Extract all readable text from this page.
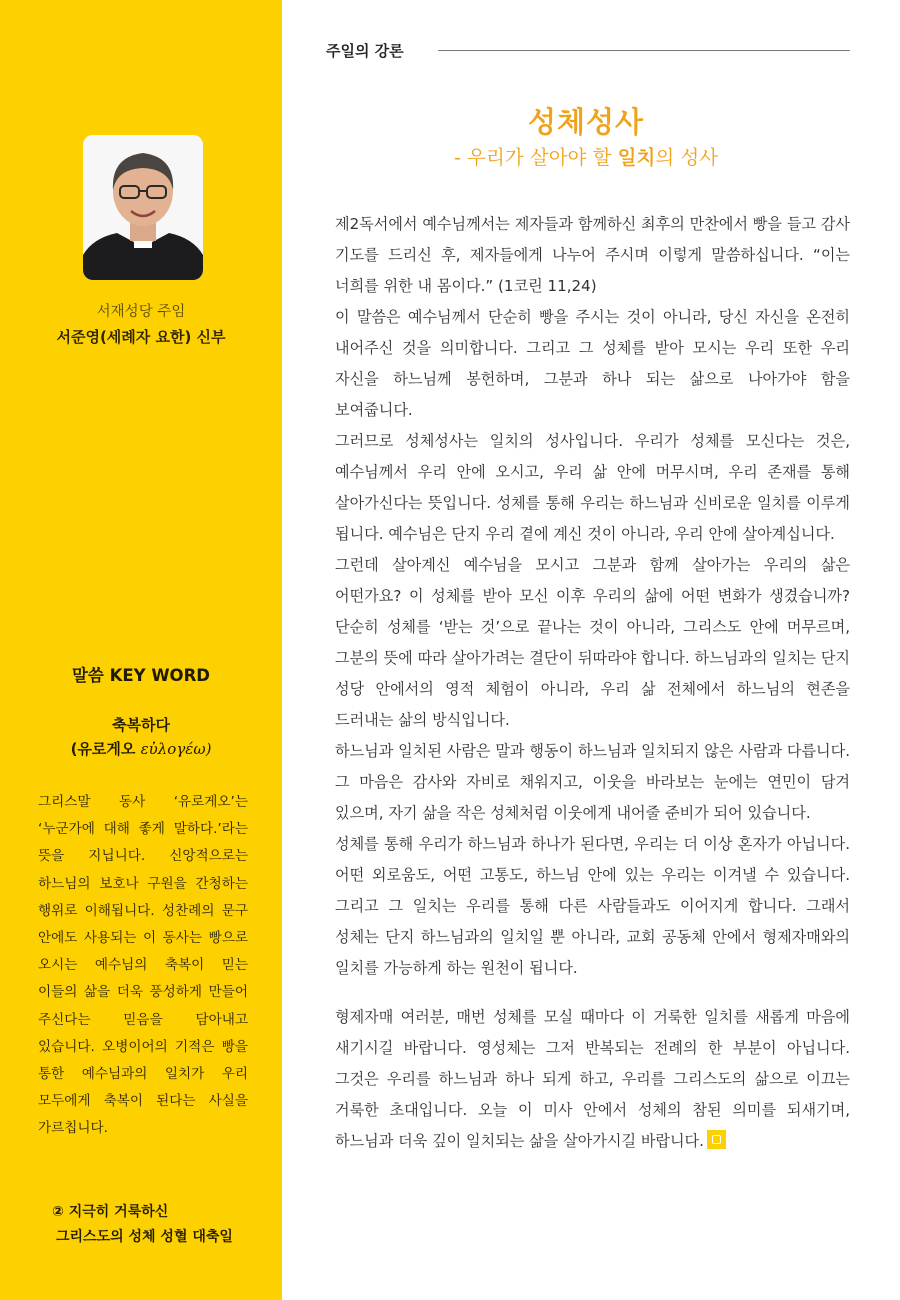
서재성당 주임
서준영(세례자 요한) 신부
말씀 KEY WORD
축복하다
(유로게오 εὐλογέω)
그리스말 동사 ‘유로게오’는 ‘누군가에 대해 좋게 말하다.’라는 뜻을 지닙니다. 신앙적으로는 하느님의 보호나 구원을 간청하는 행위로 이해됩니다. 성찬례의 문구 안에도 사용되는 이 동사는 빵으로 오시는 예수님의 축복이 믿는 이들의 삶을 더욱 풍성하게 만들어 주신다는 믿음을 담아내고 있습니다. 오병이어의 기적은 빵을 통한 예수님과의 일치가 우리 모두에게 축복이 된다는 사실을 가르칩니다.
② 지극히 거룩하신
그리스도의 성체 성혈 대축일
주일의 강론
성체성사
- 우리가 살아야 할 일치의 성사

제2독서에서 예수님께서는 제자들과 함께하신 최후의 만찬에서 빵을 들고 감사 기도를 드리신 후, 제자들에게 나누어 주시며 이렇게 말씀하십니다. “이는 너희를 위한 내 몸이다.” (1코린 11,24)

이 말씀은 예수님께서 단순히 빵을 주시는 것이 아니라, 당신 자신을 온전히 내어주신 것을 의미합니다. 그리고 그 성체를 받아 모시는 우리 또한 우리 자신을 하느님께 봉헌하며, 그분과 하나 되는 삶으로 나아가야 함을 보여줍니다.

그러므로 성체성사는 일치의 성사입니다. 우리가 성체를 모신다는 것은, 예수님께서 우리 안에 오시고, 우리 삶 안에 머무시며, 우리 존재를 통해 살아가신다는 뜻입니다. 성체를 통해 우리는 하느님과 신비로운 일치를 이루게 됩니다. 예수님은 단지 우리 곁에 계신 것이 아니라, 우리 안에 살아계십니다.

그런데 살아계신 예수님을 모시고 그분과 함께 살아가는 우리의 삶은 어떤가요? 이 성체를 받아 모신 이후 우리의 삶에 어떤 변화가 생겼습니까? 단순히 성체를 ‘받는 것’으로 끝나는 것이 아니라, 그리스도 안에 머무르며, 그분의 뜻에 따라 살아가려는 결단이 뒤따라야 합니다. 하느님과의 일치는 단지 성당 안에서의 영적 체험이 아니라, 우리 삶 전체에서 하느님의 현존을 드러내는 삶의 방식입니다.

하느님과 일치된 사람은 말과 행동이 하느님과 일치되지 않은 사람과 다릅니다. 그 마음은 감사와 자비로 채워지고, 이웃을 바라보는 눈에는 연민이 담겨 있으며, 자기 삶을 작은 성체처럼 이웃에게 내어줄 준비가 되어 있습니다.

성체를 통해 우리가 하느님과 하나가 된다면, 우리는 더 이상 혼자가 아닙니다. 어떤 외로움도, 어떤 고통도, 하느님 안에 있는 우리는 이겨낼 수 있습니다. 그리고 그 일치는 우리를 통해 다른 사람들과도 이어지게 합니다. 그래서 성체는 단지 하느님과의 일치일 뿐 아니라, 교회 공동체 안에서 형제자매와의 일치를 가능하게 하는 원천이 됩니다.

형제자매 여러분, 매번 성체를 모실 때마다 이 거룩한 일치를 새롭게 마음에 새기시길 바랍니다. 영성체는 그저 반복되는 전례의 한 부분이 아닙니다. 그것은 우리를 하느님과 하나 되게 하고, 우리를 그리스도의 삶으로 이끄는 거룩한 초대입니다. 오늘 이 미사 안에서 성체의 참된 의미를 되새기며, 하느님과 더욱 깊이 일치되는 삶을 살아가시길 바랍니다.
